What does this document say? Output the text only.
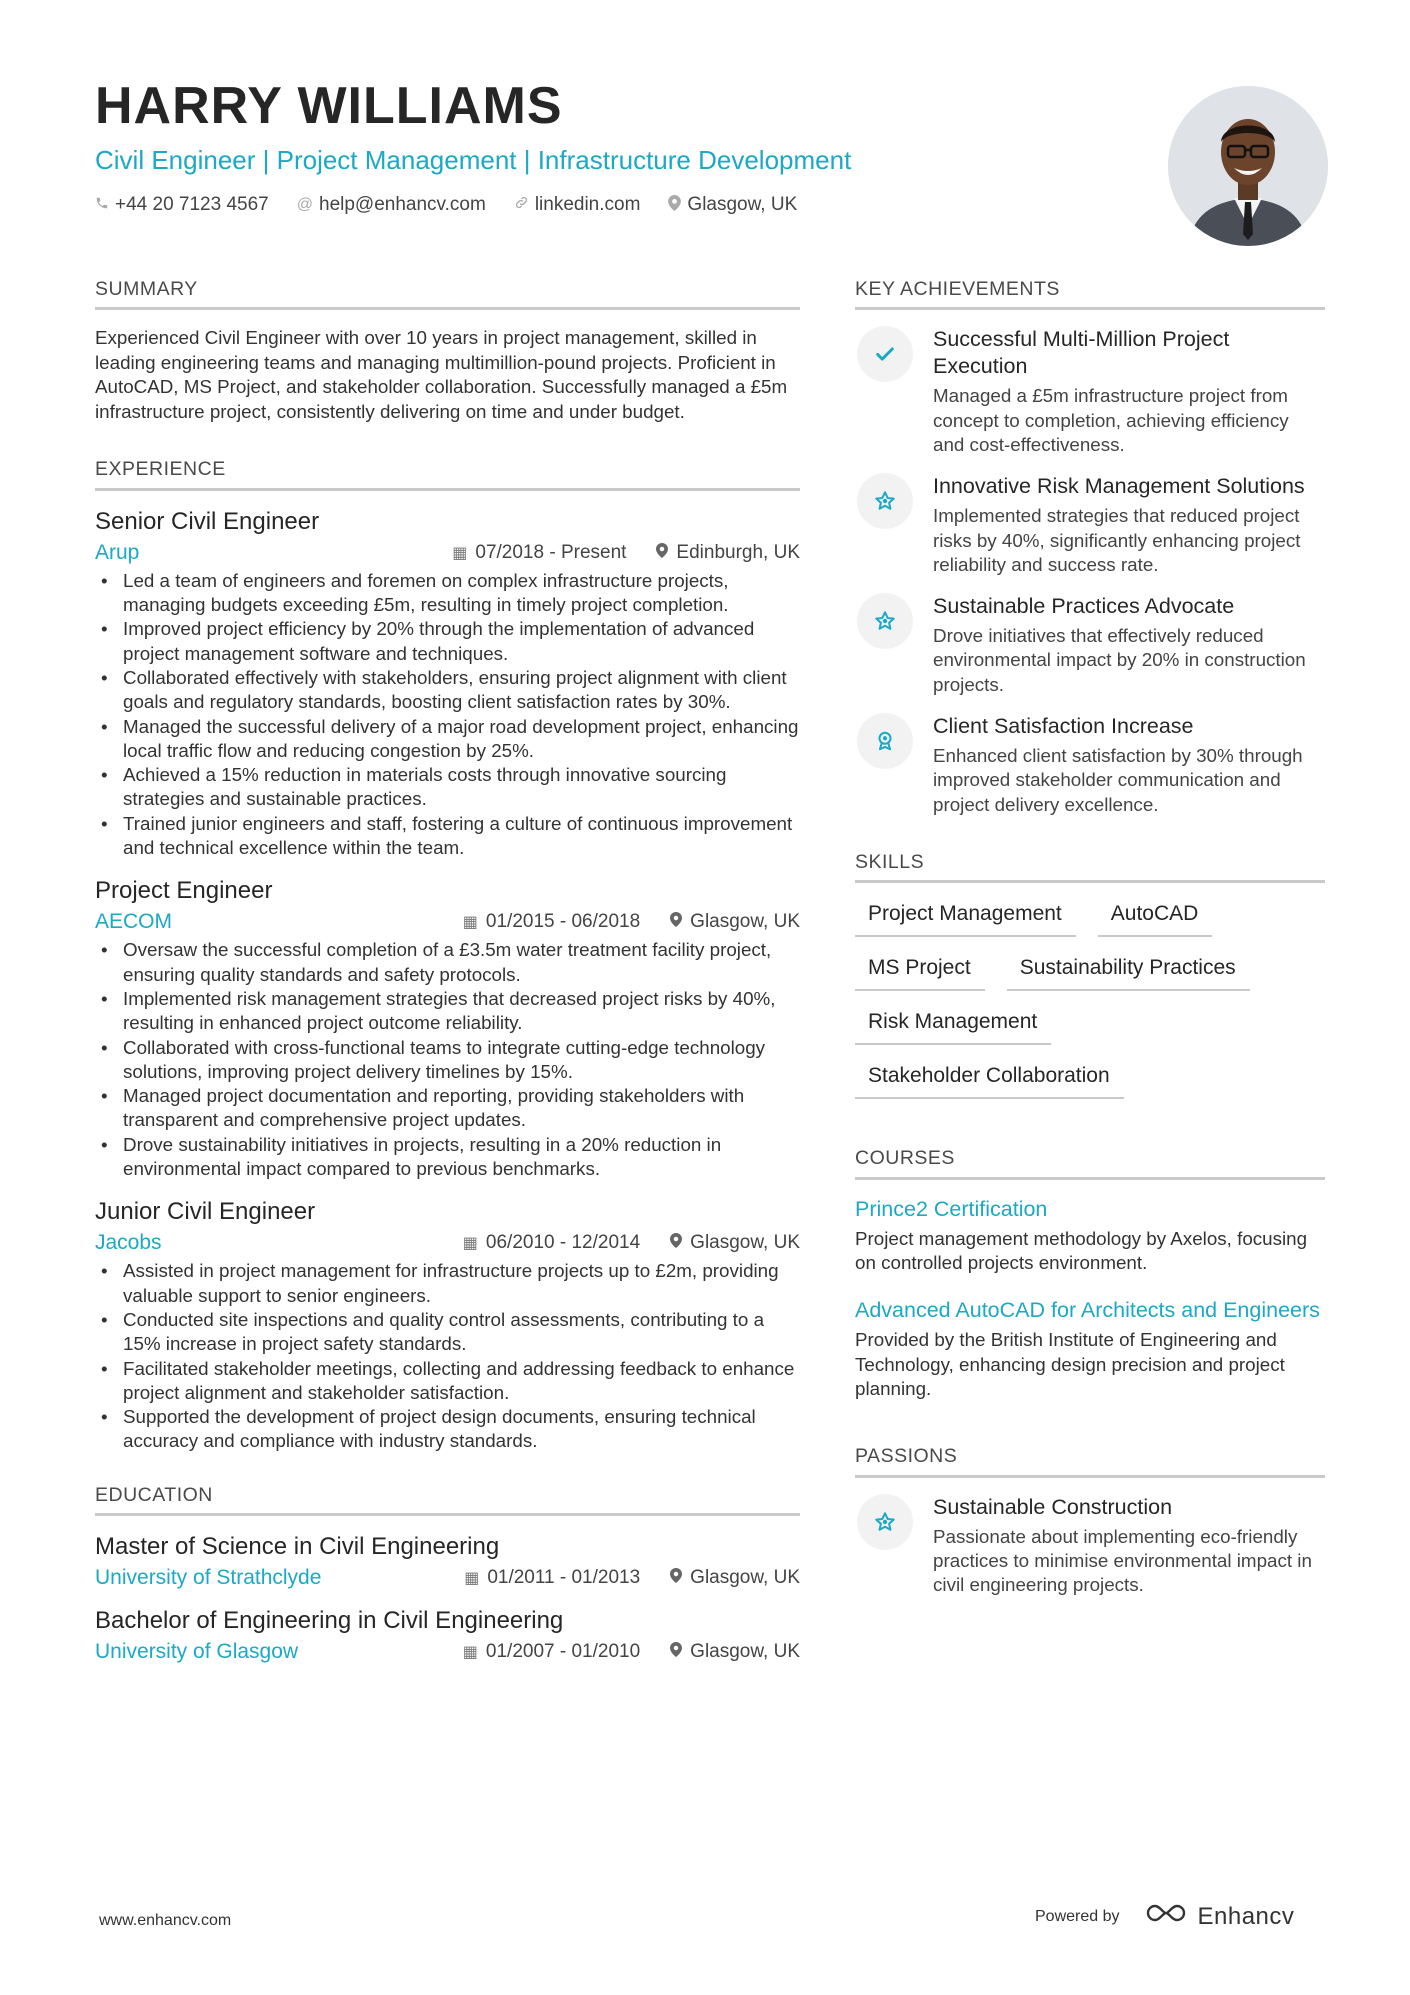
HARRY WILLIAMS
Civil Engineer | Project Management | Infrastructure Development
+44 20 7123 4567 @ help@enhancv.com	linkedin.com Glasgow, UK
SUMMARY
Experienced Civil Engineer with over 10 years in project management, skilled in leading engineering teams and managing multimillion-pound projects. Proficient in AutoCAD, MS Project, and stakeholder collaboration. Successfully managed a £5m infrastructure project, consistently delivering on time and under budget.
EXPERIENCE
Senior Civil Engineer
Arup	▦ 07/2018 - Present	Edinburgh, UK
• Led a team of engineers and foremen on complex infrastructure projects, managing budgets exceeding £5m, resulting in timely project completion.
• Improved project efficiency by 20% through the implementation of advanced project management software and techniques.
• Collaborated effectively with stakeholders, ensuring project alignment with client goals and regulatory standards, boosting client satisfaction rates by 30%.
• Managed the successful delivery of a major road development project, enhancing local traffic flow and reducing congestion by 25%.
• Achieved a 15% reduction in materials costs through innovative sourcing strategies and sustainable practices.
• Trained junior engineers and staff, fostering a culture of continuous improvement and technical excellence within the team.
Project Engineer
AECOM	▦ 01/2015 - 06/2018	Glasgow, UK
• Oversaw the successful completion of a £3.5m water treatment facility project, ensuring quality standards and safety protocols.
• Implemented risk management strategies that decreased project risks by 40%, resulting in enhanced project outcome reliability.
• Collaborated with cross-functional teams to integrate cutting-edge technology solutions, improving project delivery timelines by 15%.
• Managed project documentation and reporting, providing stakeholders with transparent and comprehensive project updates.
• Drove sustainability initiatives in projects, resulting in a 20% reduction in environmental impact compared to previous benchmarks.
Junior Civil Engineer
Jacobs	▦ 06/2010 - 12/2014	Glasgow, UK
• Assisted in project management for infrastructure projects up to £2m, providing valuable support to senior engineers.
• Conducted site inspections and quality control assessments, contributing to a 15% increase in project safety standards.
• Facilitated stakeholder meetings, collecting and addressing feedback to enhance project alignment and stakeholder satisfaction.
• Supported the development of project design documents, ensuring technical accuracy and compliance with industry standards.
EDUCATION
Master of Science in Civil Engineering
University of Strathclyde	▦ 01/2011 - 01/2013	Glasgow, UK
Bachelor of Engineering in Civil Engineering
University of Glasgow	▦ 01/2007 - 01/2010	Glasgow, UK
KEY ACHIEVEMENTS
Successful Multi-Million Project Execution
Managed a £5m infrastructure project from concept to completion, achieving efficiency and cost-effectiveness.
Innovative Risk Management Solutions
Implemented strategies that reduced project risks by 40%, significantly enhancing project reliability and success rate.
Sustainable Practices Advocate
Drove initiatives that effectively reduced environmental impact by 20% in construction projects.
Client Satisfaction Increase
Enhanced client satisfaction by 30% through improved stakeholder communication and project delivery excellence.
SKILLS
Project Management	AutoCAD
MS Project	Sustainability Practices
Risk Management
Stakeholder Collaboration
COURSES
Prince2 Certification
Project management methodology by Axelos, focusing on controlled projects environment.
Advanced AutoCAD for Architects and Engineers
Provided by the British Institute of Engineering and Technology, enhancing design precision and project planning.
PASSIONS
Sustainable Construction
Passionate about implementing eco-friendly practices to minimise environmental impact in civil engineering projects.
www.enhancv.com	Powered by	Enhancv
